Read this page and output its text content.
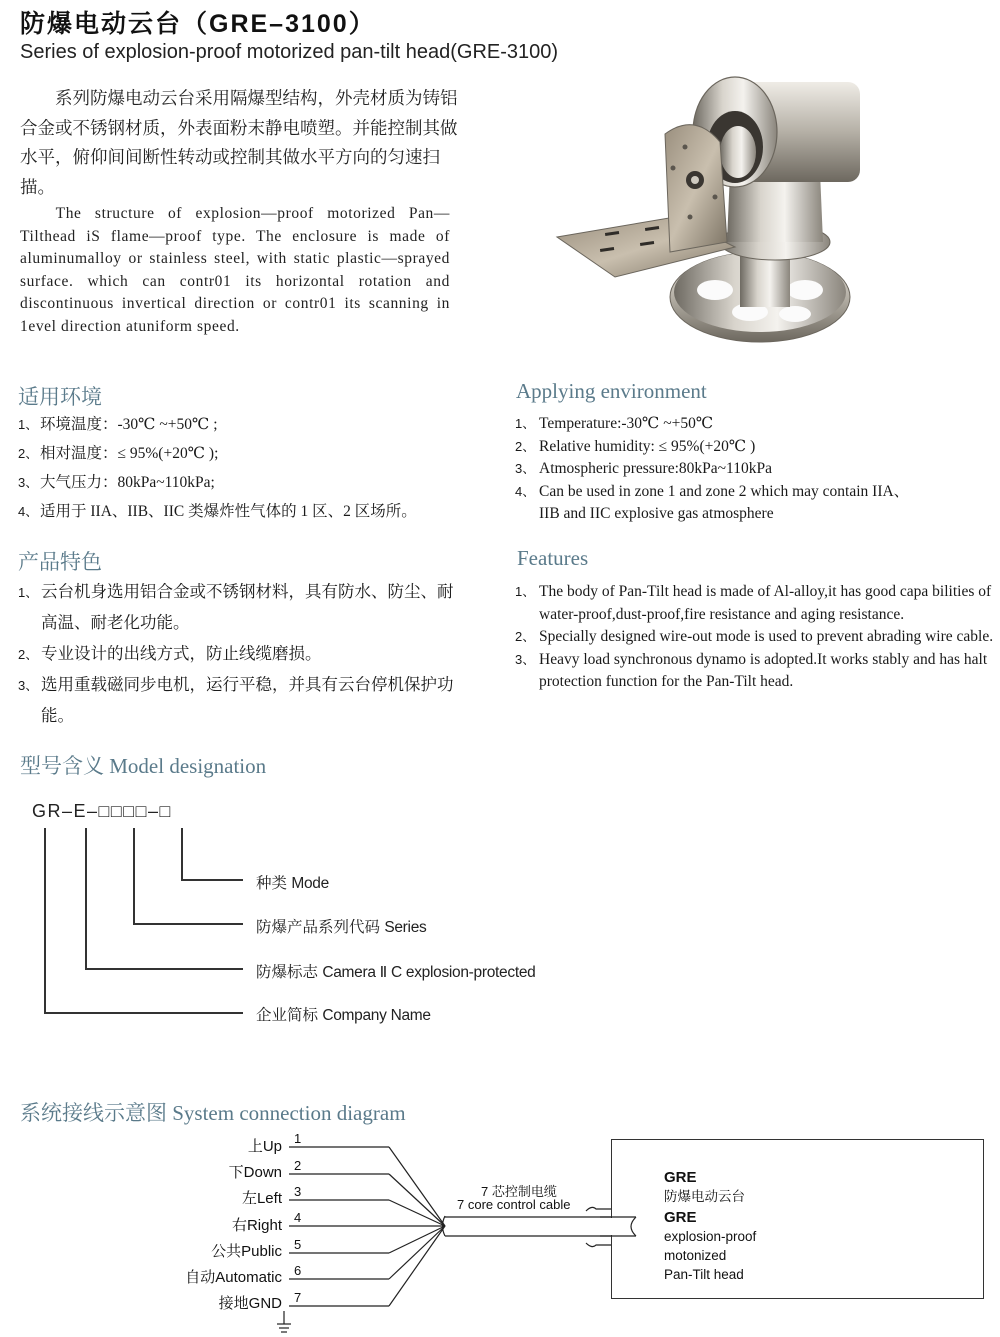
防爆电动云台（GRE–3100）
Series of explosion-proof motorized pan-tilt head(GRE-3100)

系列防爆电动云台采用隔爆型结构，外壳材质为铸铝合金或不锈钢材质，外表面粉末静电喷塑。并能控制其做水平，俯仰间间断性转动或控制其做水平方向的匀速扫描。

The structure of explosion—proof motorized Pan—Tilthead iS flame—proof type. The enclosure is made of aluminumalloy or stainless steel, with static plastic—sprayed surface. which can contr01 its horizontal rotation and discontinuous invertical direction or contr01 its scanning in 1evel direction atuniform speed.

适用环境
1、 环境温度：-30℃ ~+50℃ ;
2、 相对温度：≤ 95%(+20℃ );
3、 大气压力：80kPa~110kPa;
4、 适用于 IIA、IIB、IIC 类爆炸性气体的 1 区、2 区场所。
Applying environment
1、 Temperature:-30℃ ~+50℃
2、 Relative humidity: ≤ 95%(+20℃ )
3、 Atmospheric pressure:80kPa~110kPa
4、 Can be used in zone 1 and zone 2 which may contain IIA、IIB and IIC explosive gas atmosphere
产品特色
1、 云台机身选用铝合金或不锈钢材料，具有防水、防尘、耐高温、耐老化功能。
2、 专业设计的出线方式，防止线缆磨损。
3、 选用重载磁同步电机，运行平稳，并具有云台停机保护功能。
Features
1、 The body of Pan-Tilt head is made of Al-alloy,it has good capa bilities of water-proof,dust-proof,fire resistance and aging resistance.
2、 Specially designed wire-out mode is used to prevent abrading wire cable.
3、 Heavy load synchronous dynamo is adopted.It works stably and has halt protection function for the Pan-Tilt head.
型号含义 Model designation
GR–E–□□□□–□
种类 Mode
防爆产品系列代码 Series
防爆标志 Camera Ⅱ C explosion-protected
企业简标 Company Name
系统接线示意图 System connection diagram
上Up
下Down
左Left
右Right
公共Public
自动Automatic
接地GND
1
2
3
4
5
6
7
7 芯控制电缆
7 core control cable
GRE
防爆电动云台
GRE
explosion-proof
motonized
Pan-Tilt head
